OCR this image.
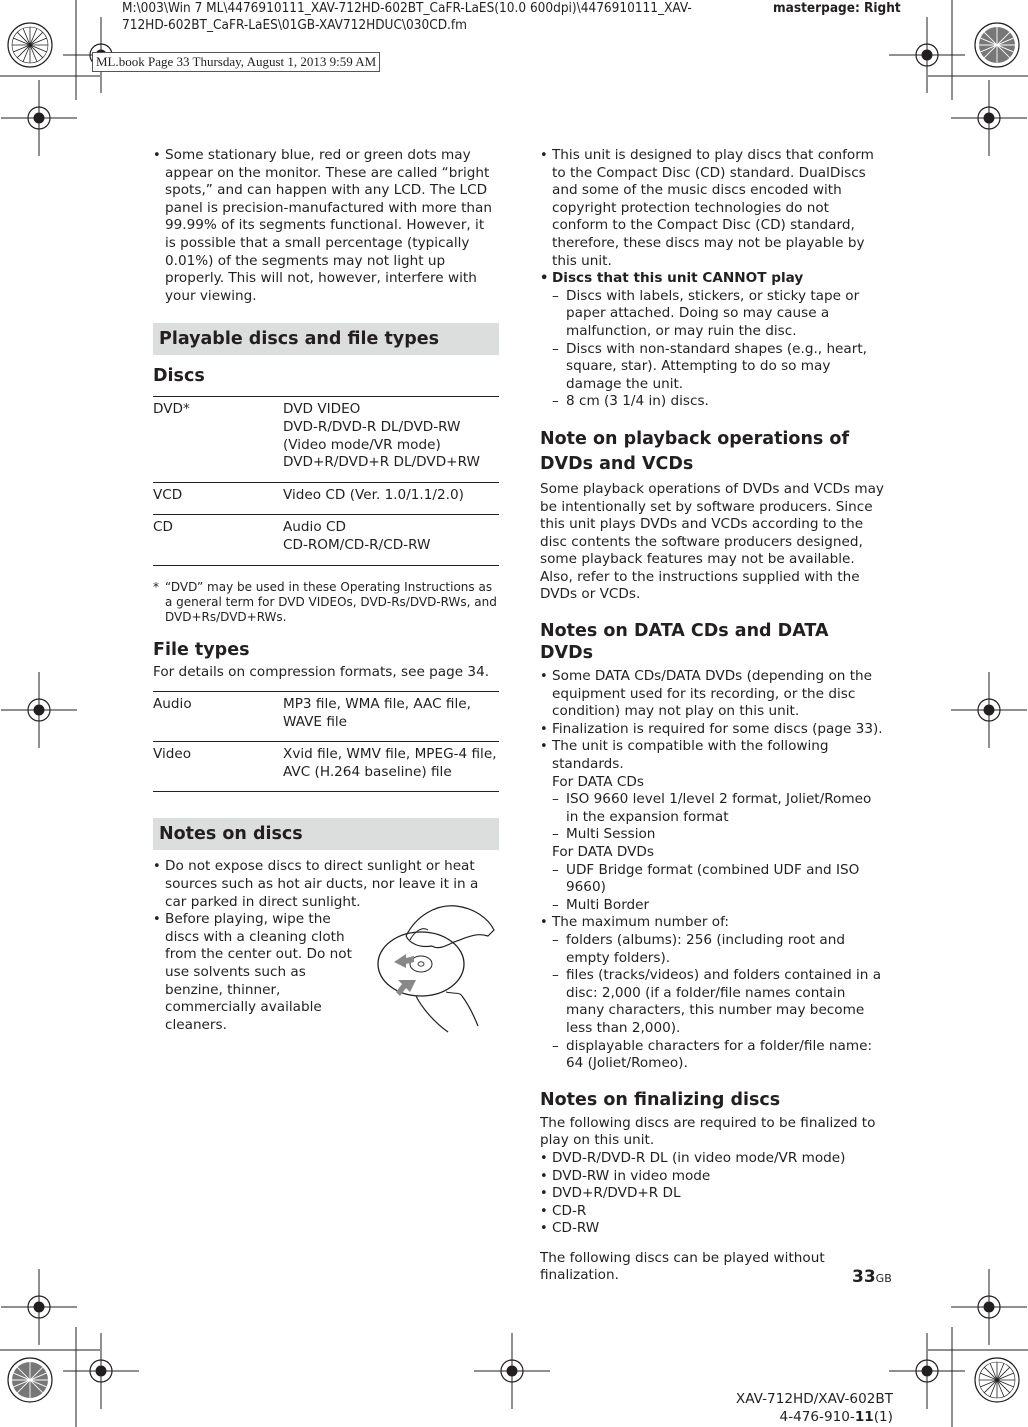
M:\003\Win 7 ML\4476910111_XAV-712HD-602BT_CaFR-LaES(10.0 600dpi)\4476910111_XAV-
712HD-602BT_CaFR-LaES\01GB-XAV712HDUC\030CD.fm
masterpage: Right
ML.book Page 33 Thursday, August 1, 2013 9:59 AM

• Some stationary blue, red or green dots may appear on the monitor. These are called “bright spots,” and can happen with any LCD. The LCD panel is precision-manufactured with more than 99.99% of its segments functional. However, it is possible that a small percentage (typically 0.01%) of the segments may not light up properly. This will not, however, interfere with your viewing.

Playable discs and file types
Discs
DVD*	DVD VIDEO
DVD-R/DVD-R DL/DVD-RW
(Video mode/VR mode)
DVD+R/DVD+R DL/DVD+RW

VCD	Video CD (Ver. 1.0/1.1/2.0)

CD	Audio CD
CD-ROM/CD-R/CD-RW
* “DVD” may be used in these Operating Instructions as a general term for DVD VIDEOs, DVD-Rs/DVD-RWs, and DVD+Rs/DVD+RWs.
File types

For details on compression formats, see page 34.

Audio	MP3 file, WMA file, AAC file,
WAVE file

Video	Xvid file, WMV file, MPEG-4 file,
AVC (H.264 baseline) file
Notes on discs

• Do not expose discs to direct sunlight or heat sources such as hot air ducts, nor leave it in a car parked in direct sunlight.

• Before playing, wipe the discs with a cleaning cloth from the center out. Do not use solvents such as benzine, thinner, commercially available cleaners.

• This unit is designed to play discs that conform to the Compact Disc (CD) standard. DualDiscs and some of the music discs encoded with copyright protection technologies do not conform to the Compact Disc (CD) standard, therefore, these discs may not be playable by this unit.

• Discs that this unit CANNOT play

– Discs with labels, stickers, or sticky tape or paper attached. Doing so may cause a malfunction, or may ruin the disc.

– Discs with non-standard shapes (e.g., heart, square, star). Attempting to do so may damage the unit.

– 8 cm (3 1/4 in) discs.

Note on playback operations of DVDs and VCDs

Some playback operations of DVDs and VCDs may be intentionally set by software producers. Since this unit plays DVDs and VCDs according to the disc contents the software producers designed, some playback features may not be available. Also, refer to the instructions supplied with the DVDs or VCDs.

Notes on DATA CDs and DATA DVDs

• Some DATA CDs/DATA DVDs (depending on the equipment used for its recording, or the disc condition) may not play on this unit.

• Finalization is required for some discs (page 33).

• The unit is compatible with the following standards.

For DATA CDs

– ISO 9660 level 1/level 2 format, Joliet/Romeo in the expansion format

– Multi Session

For DATA DVDs

– UDF Bridge format (combined UDF and ISO 9660)

– Multi Border

• The maximum number of:

– folders (albums): 256 (including root and empty folders).

– files (tracks/videos) and folders contained in a disc: 2,000 (if a folder/file names contain many characters, this number may become less than 2,000).

– displayable characters for a folder/file name: 64 (Joliet/Romeo).

Notes on finalizing discs

The following discs are required to be finalized to play on this unit.

• DVD-R/DVD-R DL (in video mode/VR mode)

• DVD-RW in video mode

• DVD+R/DVD+R DL

• CD-R

• CD-RW

The following discs can be played without finalization.	33GB
XAV-712HD/XAV-602BT
4-476-910-11(1)
